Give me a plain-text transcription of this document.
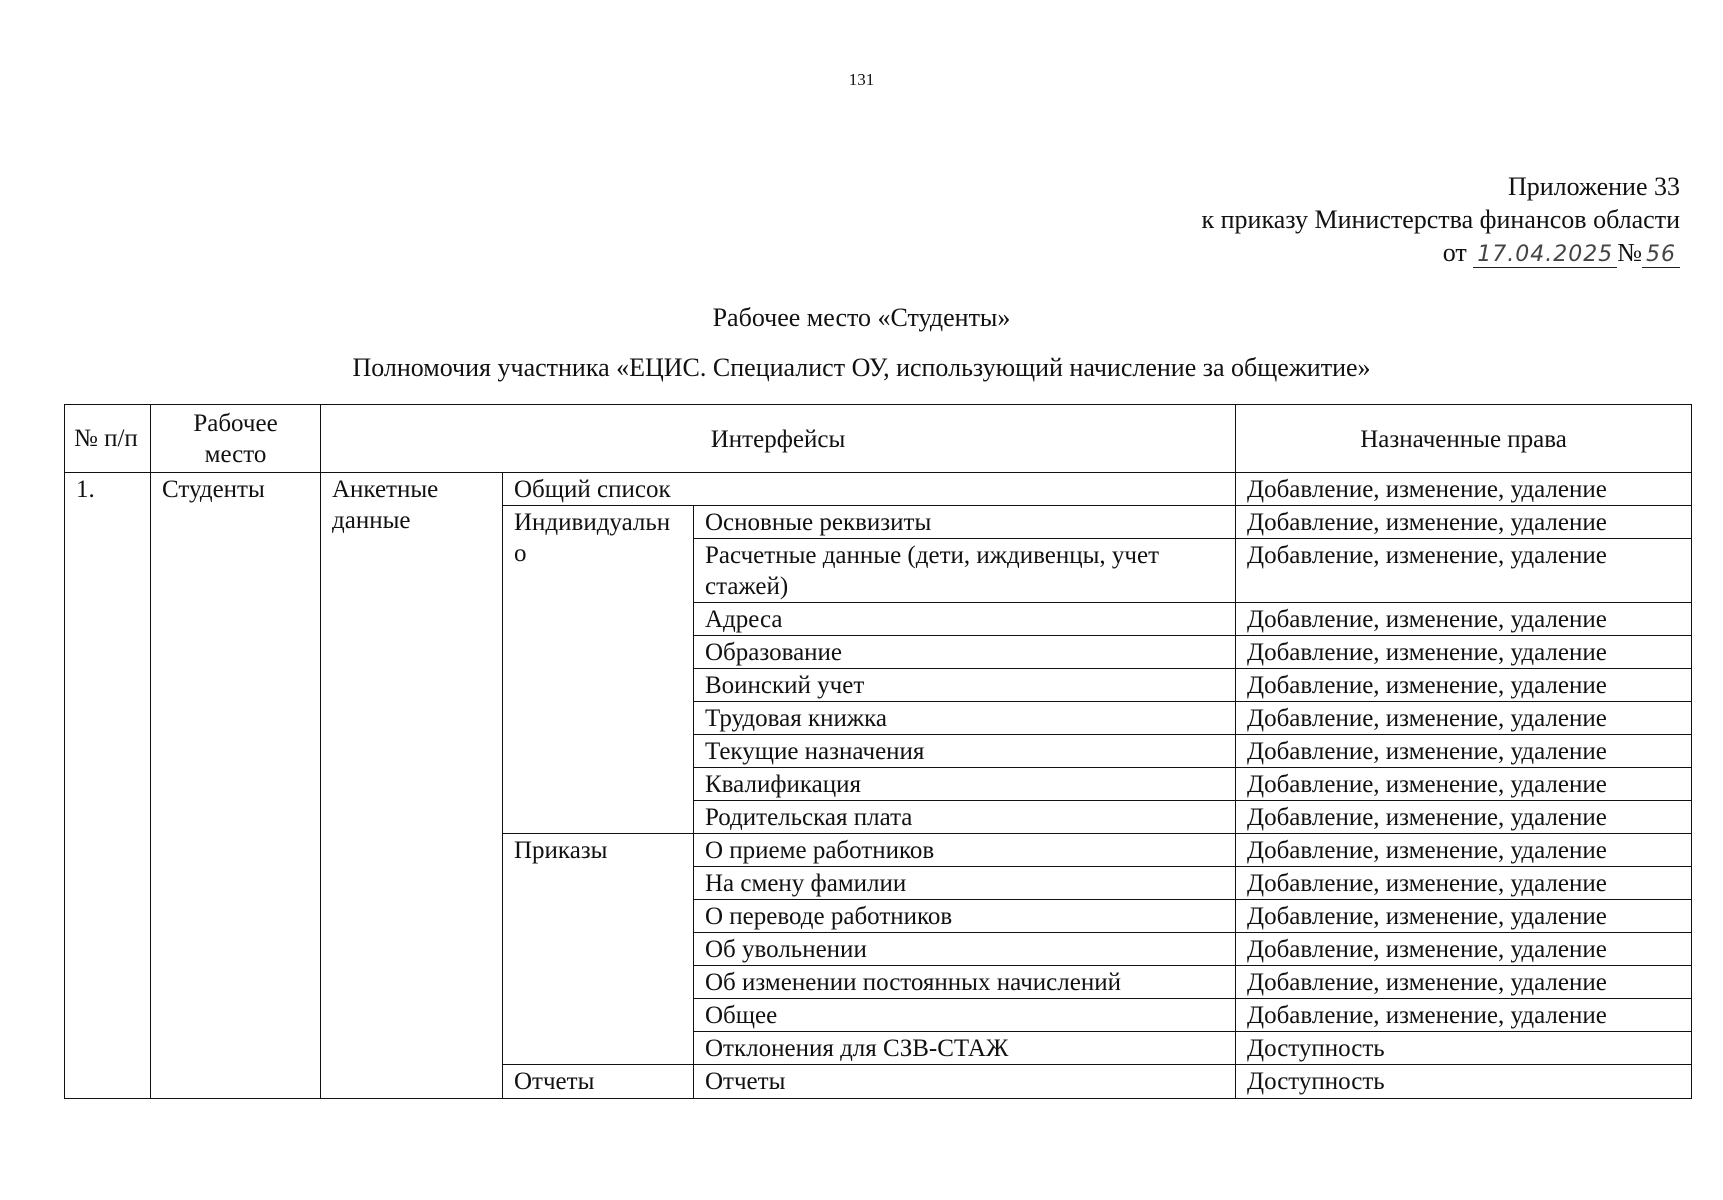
131
Приложение 33
к приказу Министерства финансов области
от 17.04.2025 № 56
Рабочее место «Студенты»
Полномочия участника «ЕЦИС. Специалист ОУ, использующий начисление за общежитие»
№ п/п	Рабочее место	Интерфейсы			Назначенные права
1.	Студенты	Анкетные данные	Общий список		Добавление, изменение, удаление
			Индивидуально	Основные реквизиты	Добавление, изменение, удаление
				Расчетные данные (дети, иждивенцы, учет стажей)	Добавление, изменение, удаление
				Адреса	Добавление, изменение, удаление
				Образование	Добавление, изменение, удаление
				Воинский учет	Добавление, изменение, удаление
				Трудовая книжка	Добавление, изменение, удаление
				Текущие назначения	Добавление, изменение, удаление
				Квалификация	Добавление, изменение, удаление
				Родительская плата	Добавление, изменение, удаление
			Приказы	О приеме работников	Добавление, изменение, удаление
				На смену фамилии	Добавление, изменение, удаление
				О переводе работников	Добавление, изменение, удаление
				Об увольнении	Добавление, изменение, удаление
				Об изменении постоянных начислений	Добавление, изменение, удаление
				Общее	Добавление, изменение, удаление
				Отклонения для СЗВ-СТАЖ	Доступность
			Отчеты	Отчеты	Доступность
